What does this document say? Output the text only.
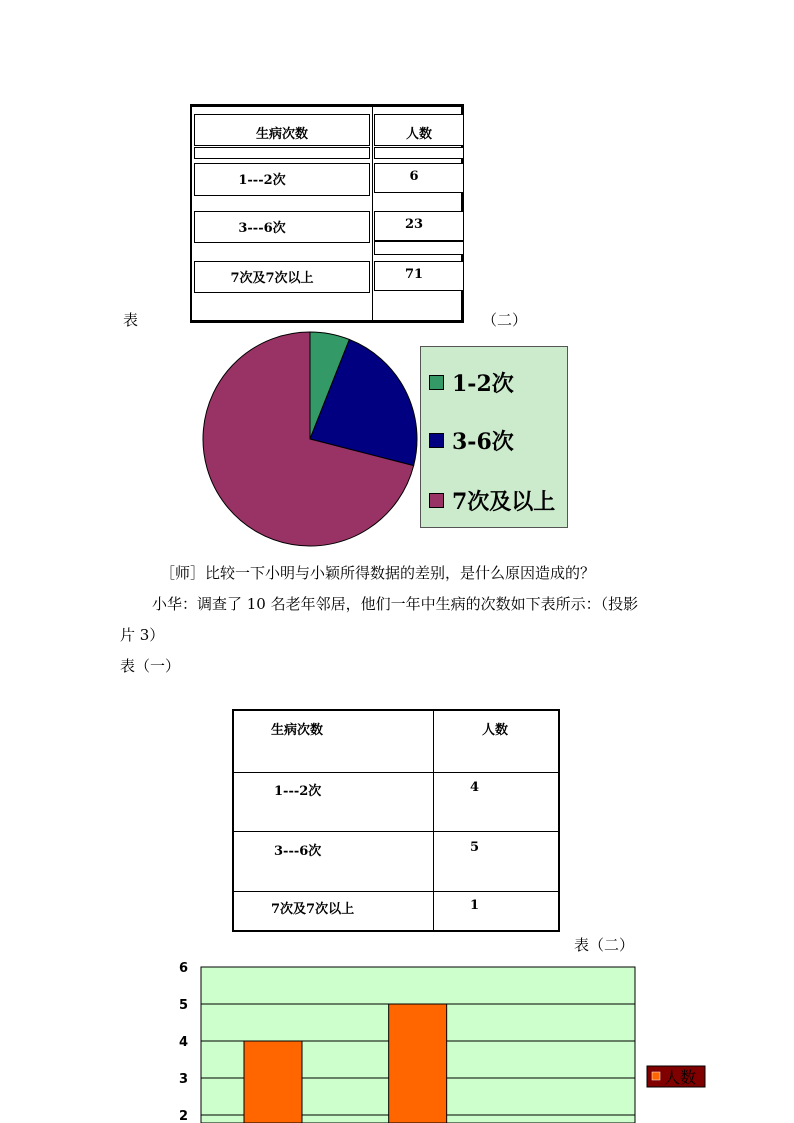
生病次数	人数
1---2次	6
3---6次	23
7次及7次以上	71
表	（二）
1-2次
3-6次
7次及以上
［师］比较一下小明与小颖所得数据的差别，是什么原因造成的？
小华：调查了 10 名老年邻居，他们一年中生病的次数如下表所示：（投影
片 3）
表（一）
生病次数	人数
1---2次	4
3---6次	5
7次及7次以上	1
表（二）
6
5
4
3
2
人数
